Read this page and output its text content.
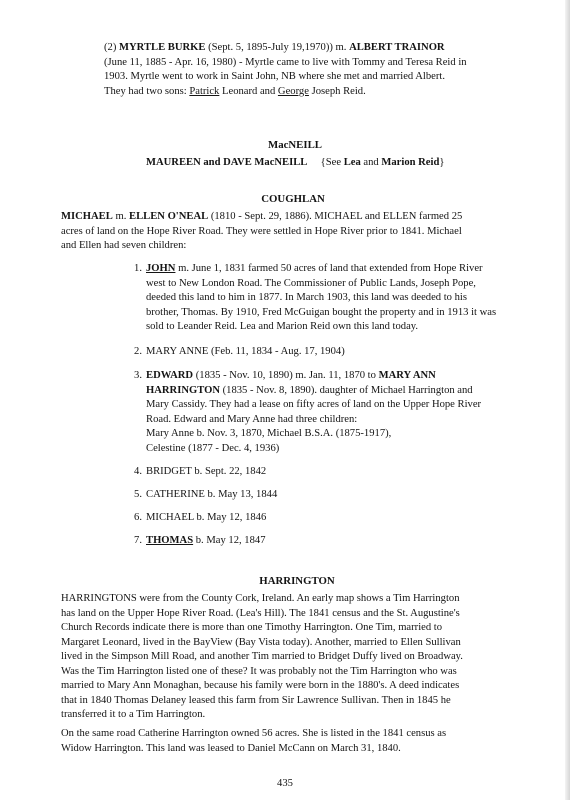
(2) MYRTLE BURKE (Sept. 5, 1895-July 19,1970)) m. ALBERT TRAINOR
(June 11, 1885 - Apr. 16, 1980) - Myrtle came to live with Tommy and Teresa Reid in
1903. Myrtle went to work in Saint John, NB where she met and married Albert.
They had two sons: Patrick Leonard and George Joseph Reid.
MacNEILL
MAUREEN and DAVE MacNEILL {See Lea and Marion Reid}
COUGHLAN
MICHAEL m. ELLEN O'NEAL (1810 - Sept. 29, 1886). MICHAEL and ELLEN farmed 25
acres of land on the Hope River Road. They were settled in Hope River prior to 1841. Michael
and Ellen had seven children:
1. JOHN m. June 1, 1831 farmed 50 acres of land that extended from Hope River
west to New London Road. The Commissioner of Public Lands, Joseph Pope,
deeded this land to him in 1877. In March 1903, this land was deeded to his
brother, Thomas. By 1910, Fred McGuigan bought the property and in 1913 it was
sold to Leander Reid. Lea and Marion Reid own this land today.
2. MARY ANNE (Feb. 11, 1834 - Aug. 17, 1904)
3. EDWARD (1835 - Nov. 10, 1890) m. Jan. 11, 1870 to MARY ANN
HARRINGTON (1835 - Nov. 8, 1890). daughter of Michael Harrington and
Mary Cassidy. They had a lease on fifty acres of land on the Upper Hope River
Road. Edward and Mary Anne had three children:
Mary Anne b. Nov. 3, 1870, Michael B.S.A. (1875-1917),
Celestine (1877 - Dec. 4, 1936)
4. BRIDGET b. Sept. 22, 1842
5. CATHERINE b. May 13, 1844
6. MICHAEL b. May 12, 1846
7. THOMAS b. May 12, 1847
HARRINGTON
HARRINGTONS were from the County Cork, Ireland. An early map shows a Tim Harrington
has land on the Upper Hope River Road. (Lea's Hill). The 1841 census and the St. Augustine's
Church Records indicate there is more than one Timothy Harrington. One Tim, married to
Margaret Leonard, lived in the BayView (Bay Vista today). Another, married to Ellen Sullivan
lived in the Simpson Mill Road, and another Tim married to Bridget Duffy lived on Broadway.
Was the Tim Harrington listed one of these? It was probably not the Tim Harrington who was
married to Mary Ann Monaghan, because his family were born in the 1880's. A deed indicates
that in 1840 Thomas Delaney leased this farm from Sir Lawrence Sullivan. Then in 1845 he
transferred it to a Tim Harrington.
On the same road Catherine Harrington owned 56 acres. She is listed in the 1841 census as
Widow Harrington. This land was leased to Daniel McCann on March 31, 1840.
435
